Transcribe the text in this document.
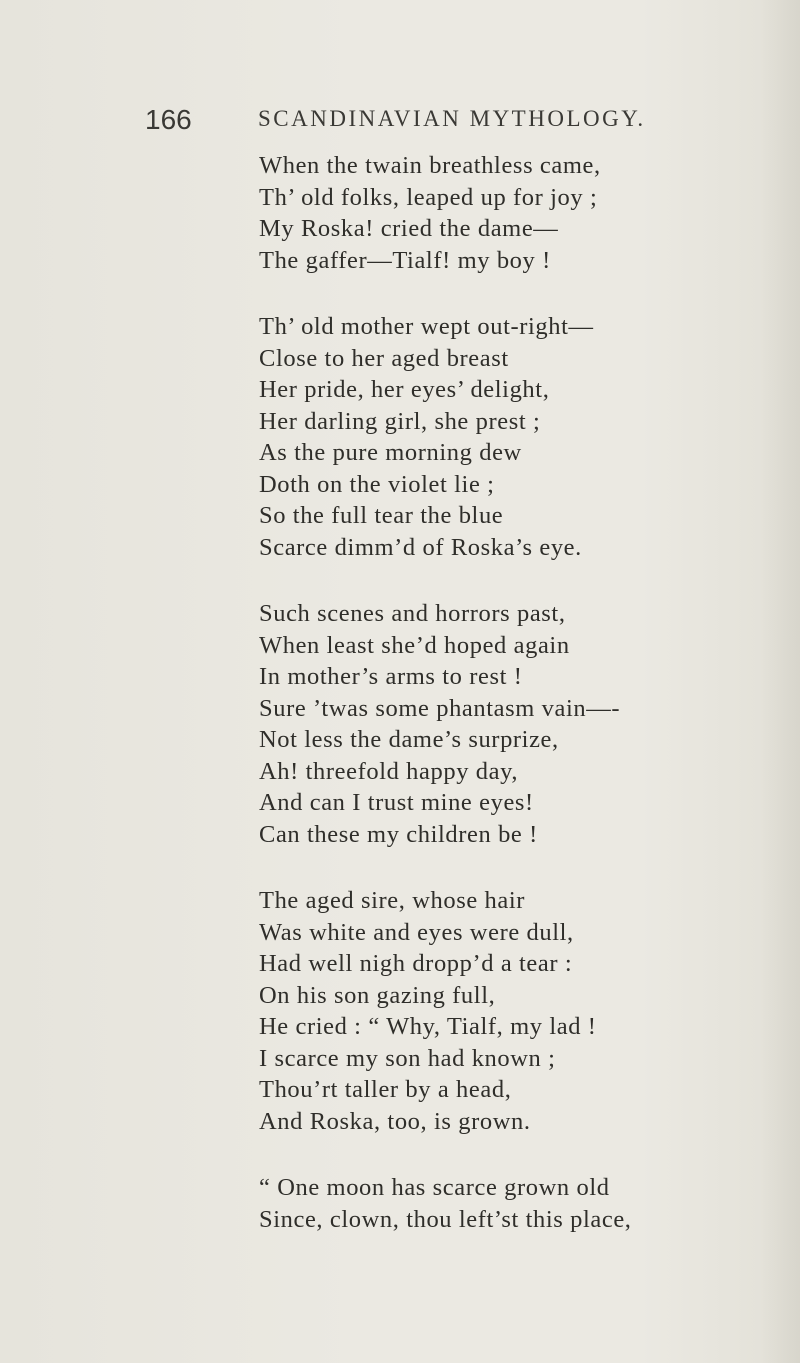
166	SCANDINAVIAN MYTHOLOGY.
When the twain breathless came,
Th’ old folks, leaped up for joy ;
My Roska! cried the dame—
The gaffer—Tialf! my boy !
Th’ old mother wept out-right—
Close to her aged breast
Her pride, her eyes’ delight,
Her darling girl, she prest ;
As the pure morning dew
Doth on the violet lie ;
So the full tear the blue
Scarce dimm’d of Roska’s eye.
Such scenes and horrors past,
When least she’d hoped again
In mother’s arms to rest !
Sure ’twas some phantasm vain—-
Not less the dame’s surprize,
Ah! threefold happy day,
And can I trust mine eyes!
Can these my children be !
The aged sire, whose hair
Was white and eyes were dull,
Had well nigh dropp’d a tear :
On his son gazing full,
He cried : “ Why, Tialf, my lad !
I scarce my son had known ;
Thou’rt taller by a head,
And Roska, too, is grown.
“ One moon has scarce grown old
Since, clown, thou left’st this place,
